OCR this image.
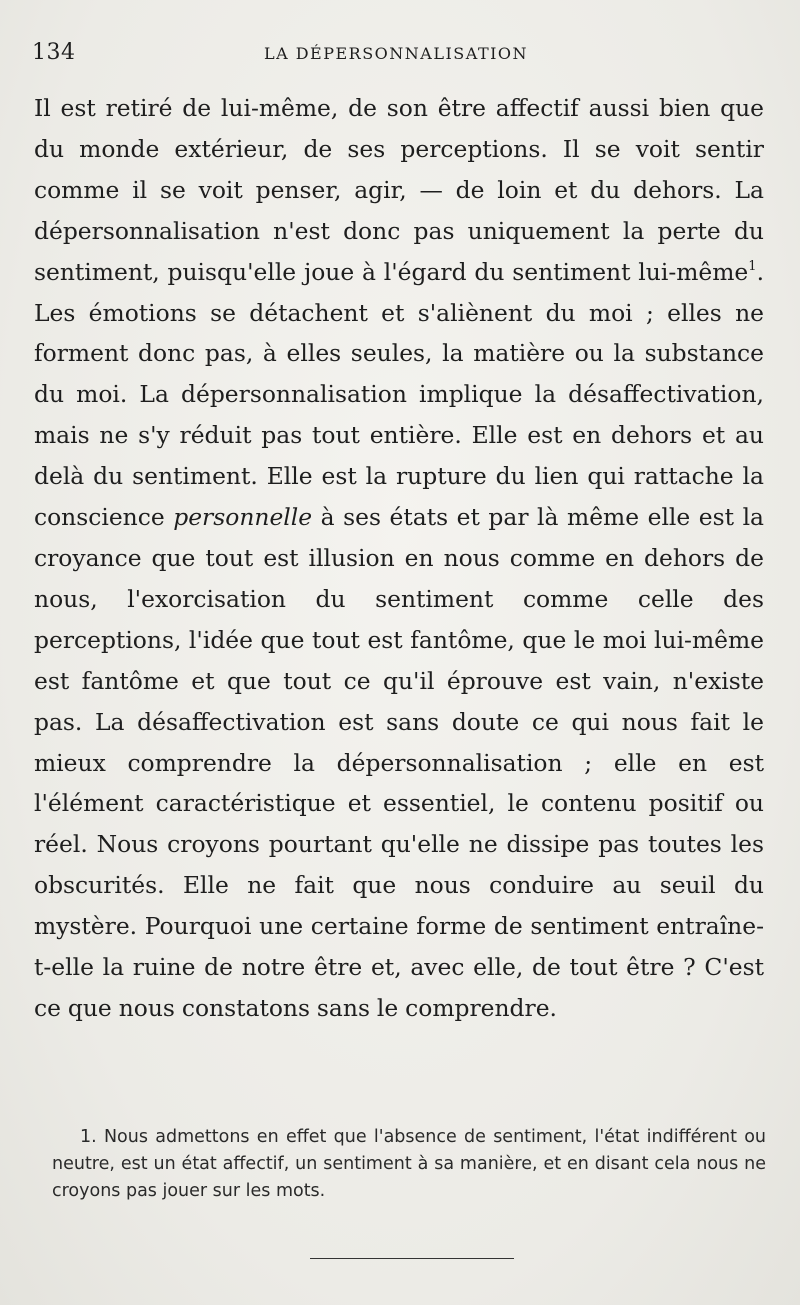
134	LA DÉPERSONNALISATION

Il est retiré de lui-même, de son être affectif aussi bien que du monde extérieur, de ses perceptions. Il se voit sentir comme il se voit penser, agir, — de loin et du dehors. La dépersonnalisation n'est donc pas uniquement la perte du sentiment, puisqu'elle joue à l'égard du sentiment lui-même$^1$. Les émotions se détachent et s'aliènent du moi ; elles ne forment donc pas, à elles seules, la matière ou la substance du moi. La dépersonnalisation implique la désaffectivation, mais ne s'y réduit pas tout entière. Elle est en dehors et au delà du sentiment. Elle est la rupture du lien qui rattache la conscience personnelle à ses états et par là même elle est la croyance que tout est illusion en nous comme en dehors de nous, l'exorcisation du sentiment comme celle des perceptions, l'idée que tout est fantôme, que le moi lui-même est fantôme et que tout ce qu'il éprouve est vain, n'existe pas. La désaffectivation est sans doute ce qui nous fait le mieux comprendre la dépersonnalisation ; elle en est l'élément caractéristique et essentiel, le contenu positif ou réel. Nous croyons pourtant qu'elle ne dissipe pas toutes les obscurités. Elle ne fait que nous conduire au seuil du mystère. Pourquoi une certaine forme de sentiment entraîne-t-elle la ruine de notre être et, avec elle, de tout être ? C'est ce que nous constatons sans le comprendre.

1. Nous admettons en effet que l'absence de sentiment, l'état indifférent ou neutre, est un état affectif, un sentiment à sa manière, et en disant cela nous ne croyons pas jouer sur les mots.
